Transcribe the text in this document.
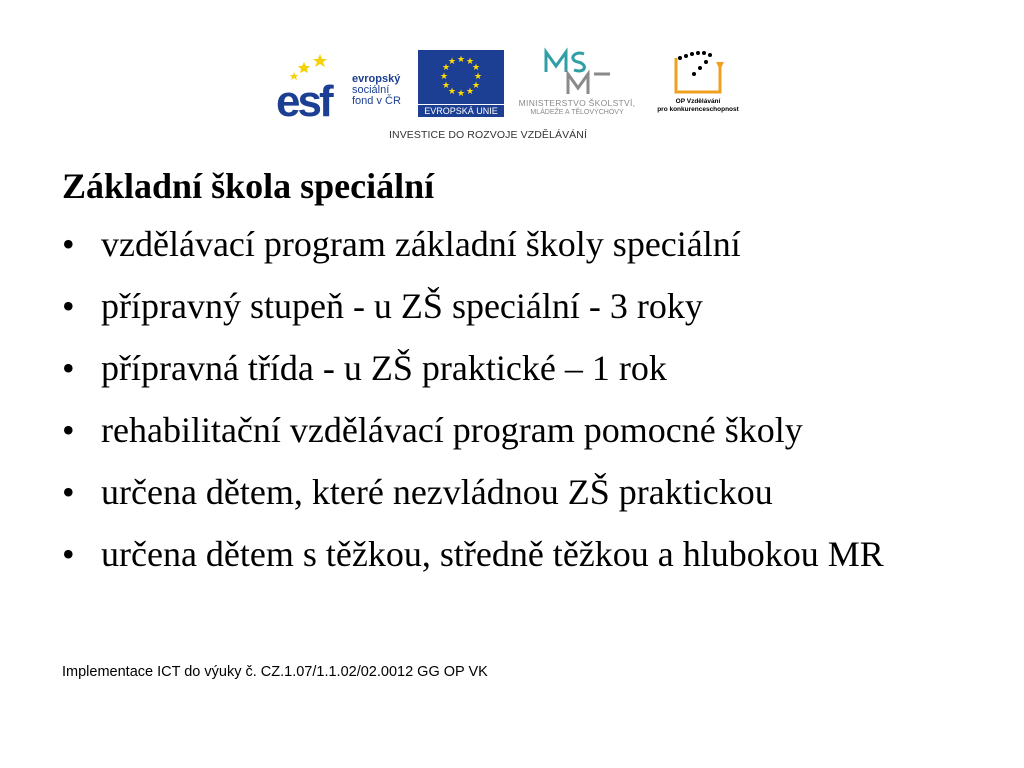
esf	evropský
sociální
fond v ČR
★ ★
★
★
★
★
★
★
★
★
★
★
EVROPSKÁ UNIE
MINISTERSTVO ŠKOLSTVÍ,
MLÁDEŽE A TĚLOVÝCHOVY
OP Vzdělávání
pro konkurenceschopnost
INVESTICE DO ROZVOJE VZDĚLÁVÁNÍ
Základní škola speciální
• vzdělávací program základní školy speciální
• přípravný stupeň - u ZŠ speciální - 3 roky
• přípravná třída - u ZŠ praktické – 1 rok
• rehabilitační vzdělávací program pomocné školy
• určena dětem, které nezvládnou ZŠ praktickou
• určena dětem s těžkou, středně těžkou a hlubokou MR
Implementace ICT do výuky č. CZ.1.07/1.1.02/02.0012 GG OP VK
